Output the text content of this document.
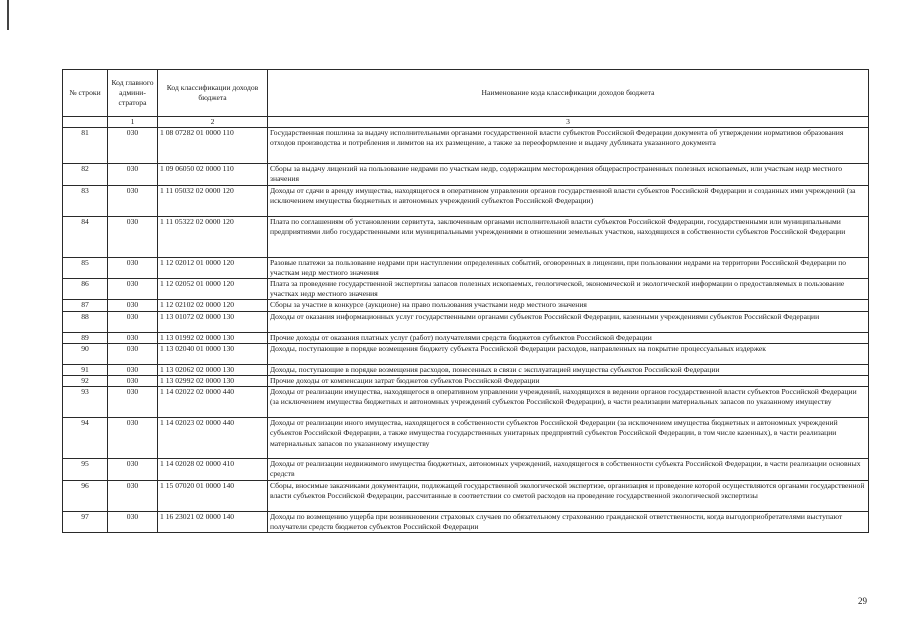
№ строки	Код главного админи-стратора	Код классификации доходов бюджета	Наименование кода классификации доходов бюджета
	1	2	3
81	030	1 08 07282 01 0000 110	Государственная пошлина за выдачу исполнительными органами государственной власти субъектов Российской Федерации документа об утверждении нормативов образования отходов производства и потребления и лимитов на их размещение, а также за переоформление и выдачу дубликата указанного документа
82	030	1 09 06050 02 0000 110	Сборы за выдачу лицензий на пользование недрами по участкам недр, содержащим месторождения общераспространенных полезных ископаемых, или участкам недр местного значения
83	030	1 11 05032 02 0000 120	Доходы от сдачи в аренду имущества, находящегося в оперативном управлении органов государственной власти субъектов Российской Федерации и созданных ими учреждений (за исключением имущества бюджетных и автономных учреждений субъектов Российской Федерации)
84	030	1 11 05322 02 0000 120	Плата по соглашениям об установлении сервитута, заключенным органами исполнительной власти субъектов Российской Федерации, государственными или муниципальными предприятиями либо государственными или муниципальными учреждениями в отношении земельных участков, находящихся в собственности субъектов Российской Федерации
85	030	1 12 02012 01 0000 120	Разовые платежи за пользование недрами при наступлении определенных событий, оговоренных в лицензии, при пользовании недрами на территории Российской Федерации по участкам недр местного значения
86	030	1 12 02052 01 0000 120	Плата за проведение государственной экспертизы запасов полезных ископаемых, геологической, экономической и экологической информации о предоставляемых в пользование участках недр местного значения
87	030	1 12 02102 02 0000 120	Сборы за участие в конкурсе (аукционе) на право пользования участками недр местного значения
88	030	1 13 01072 02 0000 130	Доходы от оказания информационных услуг государственными органами субъектов Российской Федерации, казенными учреждениями субъектов Российской Федерации
89	030	1 13 01992 02 0000 130	Прочие доходы от оказания платных услуг (работ) получателями средств бюджетов субъектов Российской Федерации
90	030	1 13 02040 01 0000 130	Доходы, поступающие в порядке возмещения бюджету субъекта Российской Федерации расходов, направленных на покрытие процессуальных издержек
91	030	1 13 02062 02 0000 130	Доходы, поступающие в порядке возмещения расходов, понесенных в связи с эксплуатацией имущества субъектов Российской Федерации
92	030	1 13 02992 02 0000 130	Прочие доходы от компенсации затрат бюджетов субъектов Российской Федерации
93	030	1 14 02022 02 0000 440	Доходы от реализации имущества, находящегося в оперативном управлении учреждений, находящихся в ведении органов государственной власти субъектов Российской Федерации (за исключением имущества бюджетных и автономных учреждений субъектов Российской Федерации), в части реализации материальных запасов по указанному имуществу
94	030	1 14 02023 02 0000 440	Доходы от реализации иного имущества, находящегося в собственности субъектов Российской Федерации (за исключением имущества бюджетных и автономных учреждений субъектов Российской Федерации, а также имущества государственных унитарных предприятий субъектов Российской Федерации, в том числе казенных), в части реализации материальных запасов по указанному имуществу
95	030	1 14 02028 02 0000 410	Доходы от реализации недвижимого имущества бюджетных, автономных учреждений, находящегося в собственности субъекта Российской Федерации, в части реализации основных средств
96	030	1 15 07020 01 0000 140	Сборы, вносимые заказчиками документации, подлежащей государственной экологической экспертизе, организация и проведение которой осуществляются органами государственной власти субъектов Российской Федерации, рассчитанные в соответствии со сметой расходов на проведение государственной экологической экспертизы
97	030	1 16 23021 02 0000 140	Доходы по возмещению ущерба при возникновении страховых случаев по обязательному страхованию гражданской ответственности, когда выгодоприобретателями выступают получатели средств бюджетов субъектов Российской Федерации
29
